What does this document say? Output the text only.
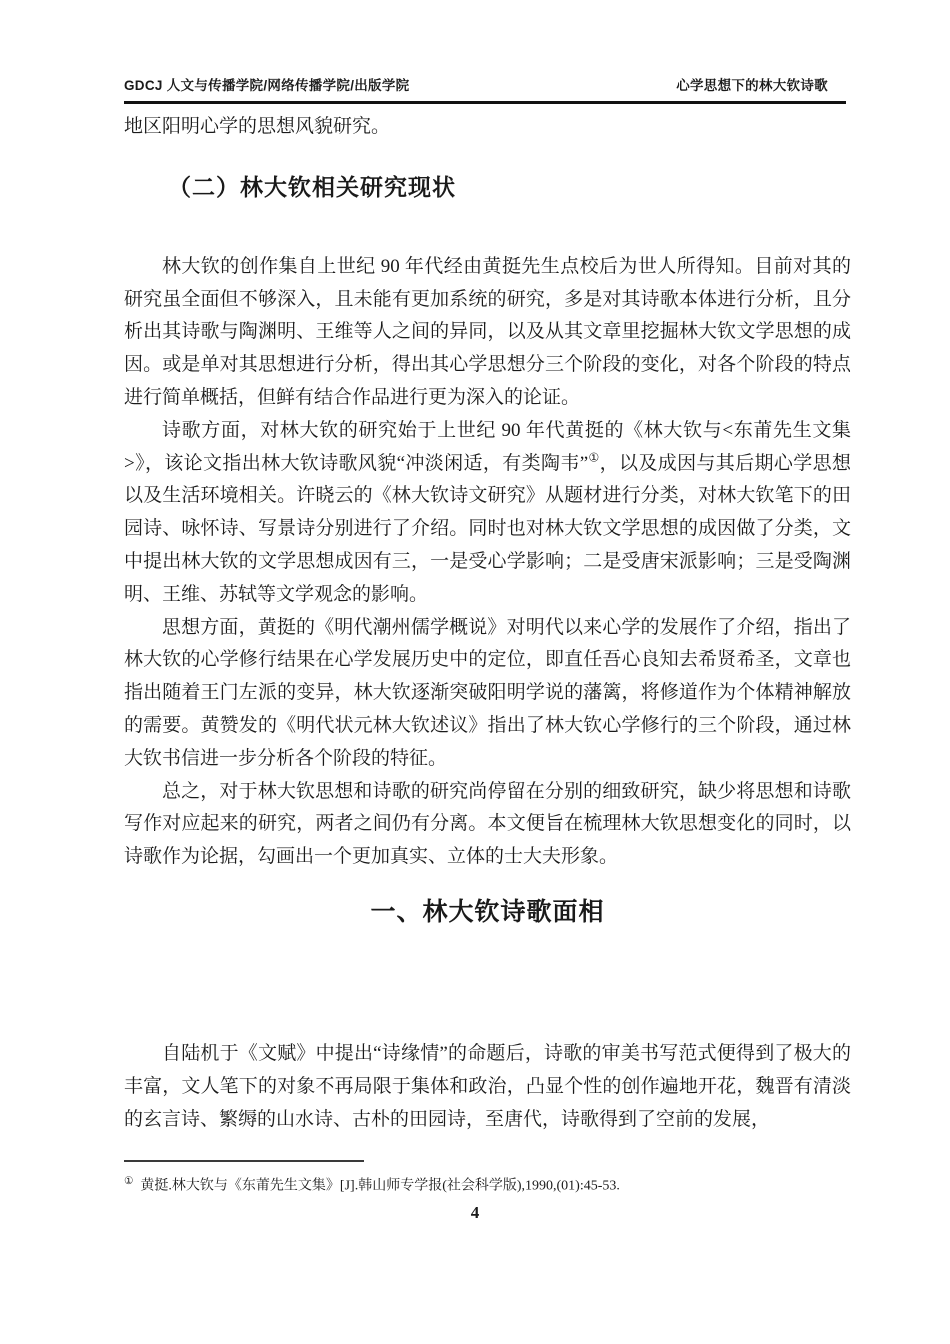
GDCJ 人文与传播学院/网络传播学院/出版学院	心学思想下的林大钦诗歌

地区阳明心学的思想风貌研究。

（二）林大钦相关研究现状

林大钦的创作集自上世纪 90 年代经由黄挺先生点校后为世人所得知。目前对其的研究虽全面但不够深入，且未能有更加系统的研究，多是对其诗歌本体进行分析，且分析出其诗歌与陶渊明、王维等人之间的异同，以及从其文章里挖掘林大钦文学思想的成因。或是单对其思想进行分析，得出其心学思想分三个阶段的变化，对各个阶段的特点进行简单概括，但鲜有结合作品进行更为深入的论证。

诗歌方面，对林大钦的研究始于上世纪 90 年代黄挺的《林大钦与<东莆先生文集>》，该论文指出林大钦诗歌风貌“冲淡闲适，有类陶韦”①，以及成因与其后期心学思想以及生活环境相关。许晓云的《林大钦诗文研究》从题材进行分类，对林大钦笔下的田园诗、咏怀诗、写景诗分别进行了介绍。同时也对林大钦文学思想的成因做了分类，文中提出林大钦的文学思想成因有三，一是受心学影响；二是受唐宋派影响；三是受陶渊明、王维、苏轼等文学观念的影响。

思想方面，黄挺的《明代潮州儒学概说》对明代以来心学的发展作了介绍，指出了林大钦的心学修行结果在心学发展历史中的定位，即直任吾心良知去希贤希圣，文章也指出随着王门左派的变异，林大钦逐渐突破阳明学说的藩篱，将修道作为个体精神解放的需要。黄赞发的《明代状元林大钦述议》指出了林大钦心学修行的三个阶段，通过林大钦书信进一步分析各个阶段的特征。

总之，对于林大钦思想和诗歌的研究尚停留在分别的细致研究，缺少将思想和诗歌写作对应起来的研究，两者之间仍有分离。本文便旨在梳理林大钦思想变化的同时，以诗歌作为论据，勾画出一个更加真实、立体的士大夫形象。

一、林大钦诗歌面相

自陆机于《文赋》中提出“诗缘情”的命题后，诗歌的审美书写范式便得到了极大的丰富，文人笔下的对象不再局限于集体和政治，凸显个性的创作遍地开花，魏晋有清淡的玄言诗、繁缛的山水诗、古朴的田园诗，至唐代，诗歌得到了空前的发展，

① 黄挺.林大钦与《东莆先生文集》[J].韩山师专学报(社会科学版),1990,(01):45-53.

4
